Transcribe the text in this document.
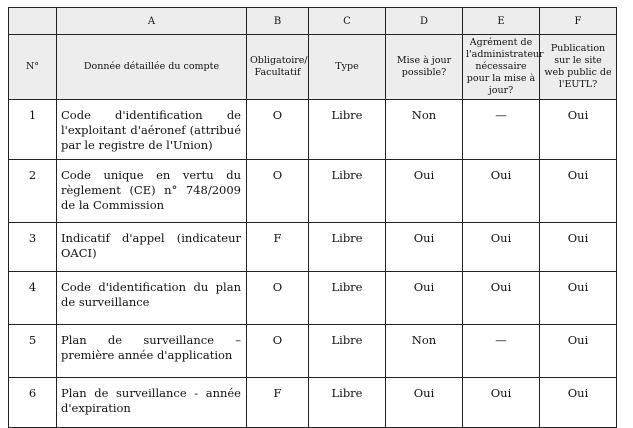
	A	B	C	D	E	F
N°	Donnée détaillée du compte	Obligatoire/ Facultatif	Type	Mise à jour possible?	Agrément de l'administrateur nécessaire pour la mise à jour?	Publication sur le site web public de l'EUTL?
1	Code d'identification de l'exploitant d'aéronef (attribué par le registre de l'Union)	O	Libre	Non	—	Oui
2	Code unique en vertu du règlement (CE) n° 748/2009 de la Commission	O	Libre	Oui	Oui	Oui
3	Indicatif d'appel (indicateur OACI)	F	Libre	Oui	Oui	Oui
4	Code d'identification du plan de surveillance	O	Libre	Oui	Oui	Oui
5	Plan de surveillance – première année d'application	O	Libre	Non	—	Oui
6	Plan de surveillance - année d'expiration	F	Libre	Oui	Oui	Oui
